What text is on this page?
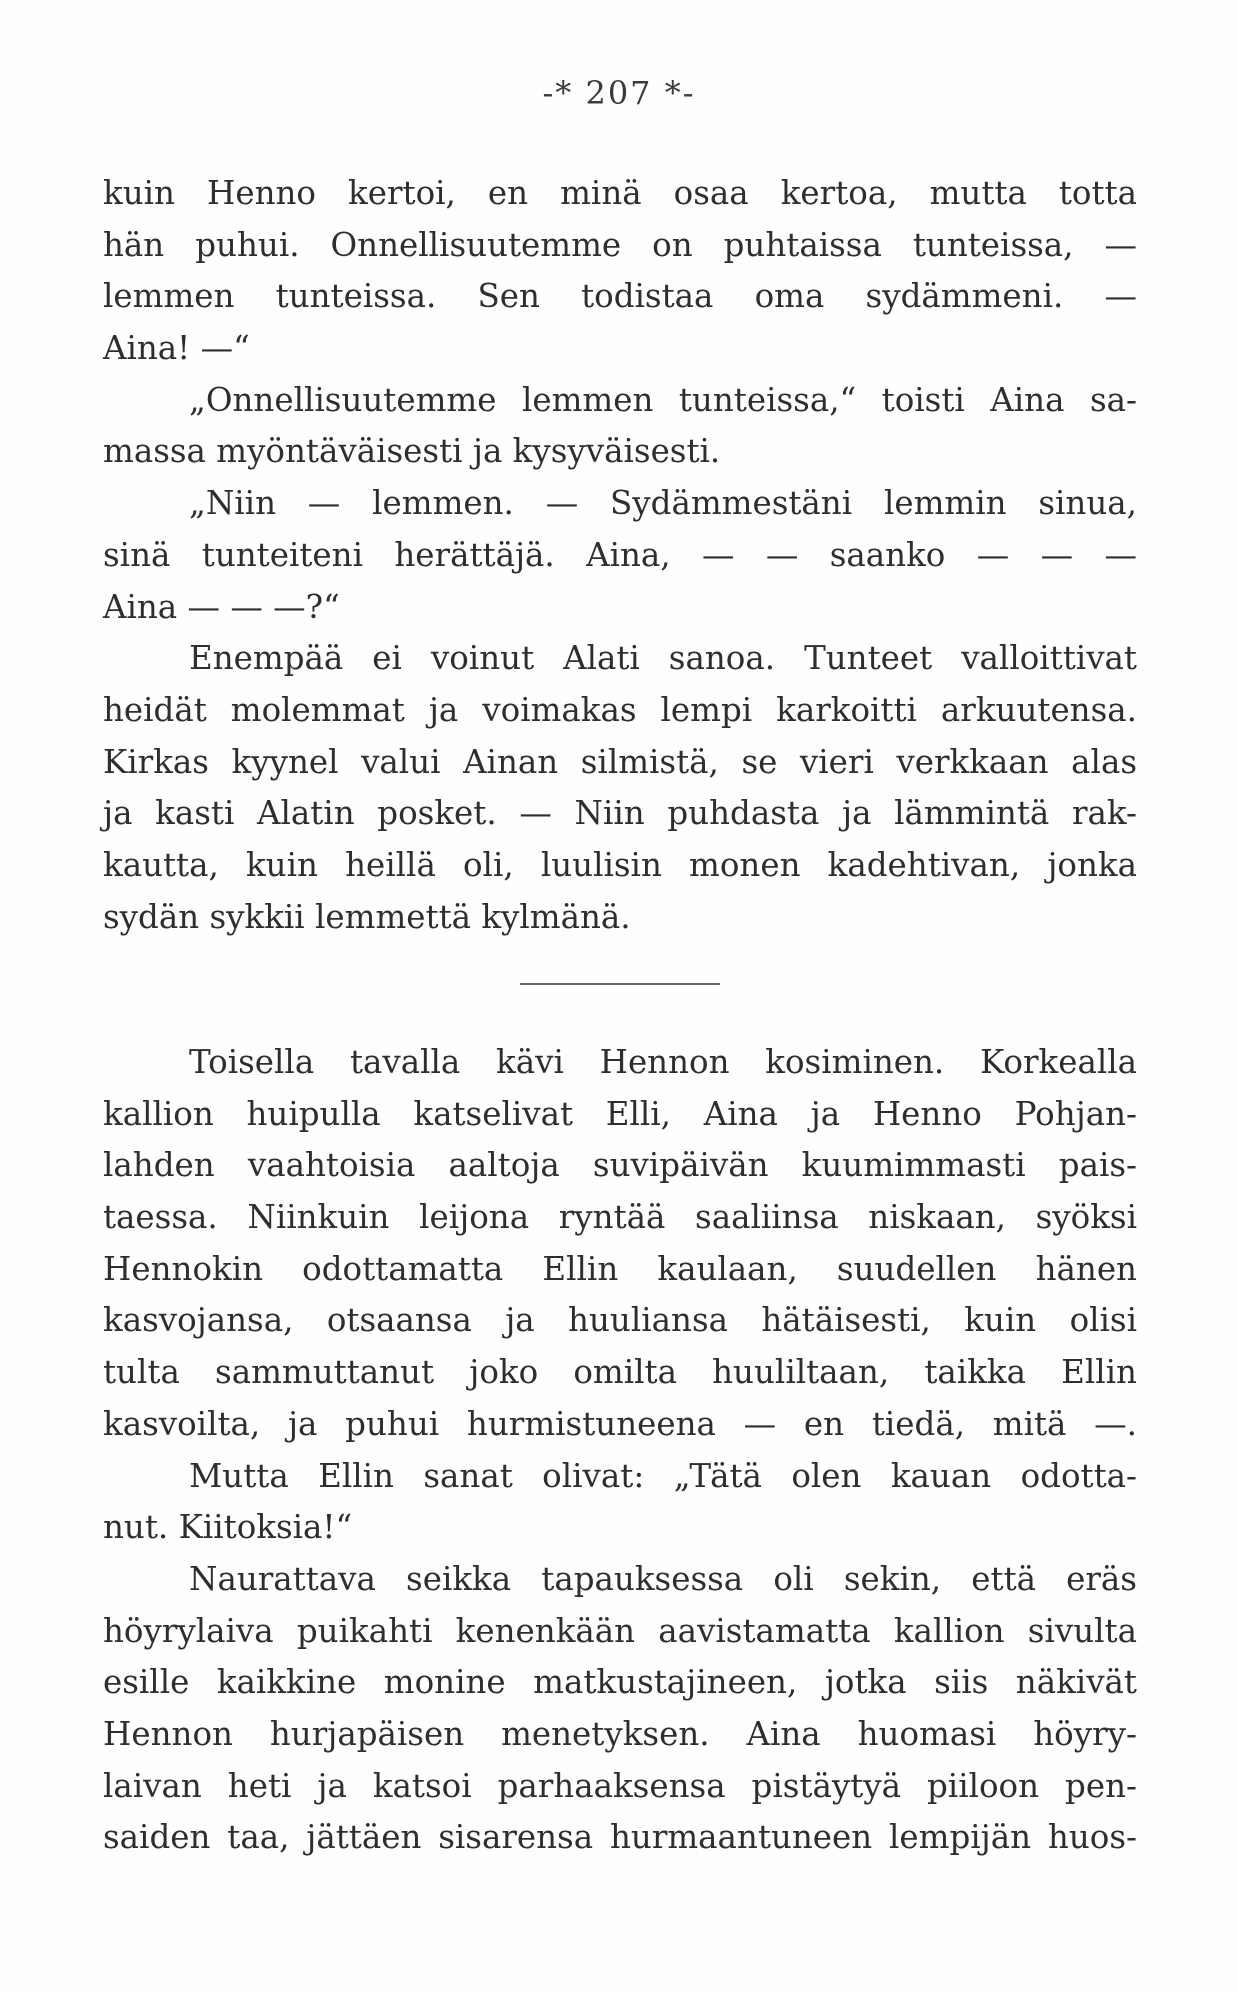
-* 207 *-
kuin Henno kertoi, en minä osaa kertoa, mutta totta
hän puhui. Onnellisuutemme on puhtaissa tunteissa, —
lemmen tunteissa. Sen todistaa oma sydämmeni. —
Aina! —“
„Onnellisuutemme lemmen tunteissa,“ toisti Aina sa-
massa myöntäväisesti ja kysyväisesti.
„Niin — lemmen. — Sydämmestäni lemmin sinua,
sinä tunteiteni herättäjä. Aina, — — saanko — — —
Aina — — —?“
Enempää ei voinut Alati sanoa. Tunteet valloittivat
heidät molemmat ja voimakas lempi karkoitti arkuutensa.
Kirkas kyynel valui Ainan silmistä, se vieri verkkaan alas
ja kasti Alatin posket. — Niin puhdasta ja lämmintä rak-
kautta, kuin heillä oli, luulisin monen kadehtivan, jonka
sydän sykkii lemmettä kylmänä.
Toisella tavalla kävi Hennon kosiminen. Korkealla
kallion huipulla katselivat Elli, Aina ja Henno Pohjan-
lahden vaahtoisia aaltoja suvipäivän kuumimmasti pais-
taessa. Niinkuin leijona ryntää saaliinsa niskaan, syöksi
Hennokin odottamatta Ellin kaulaan, suudellen hänen
kasvojansa, otsaansa ja huuliansa hätäisesti, kuin olisi
tulta sammuttanut joko omilta huuliltaan, taikka Ellin
kasvoilta, ja puhui hurmistuneena — en tiedä, mitä —.
Mutta Ellin sanat olivat: „Tätä olen kauan odotta-
nut. Kiitoksia!“
Naurattava seikka tapauksessa oli sekin, että eräs
höyrylaiva puikahti kenenkään aavistamatta kallion sivulta
esille kaikkine monine matkustajineen, jotka siis näkivät
Hennon hurjapäisen menetyksen. Aina huomasi höyry-
laivan heti ja katsoi parhaaksensa pistäytyä piiloon pen-
saiden taa, jättäen sisarensa hurmaantuneen lempijän huos-
